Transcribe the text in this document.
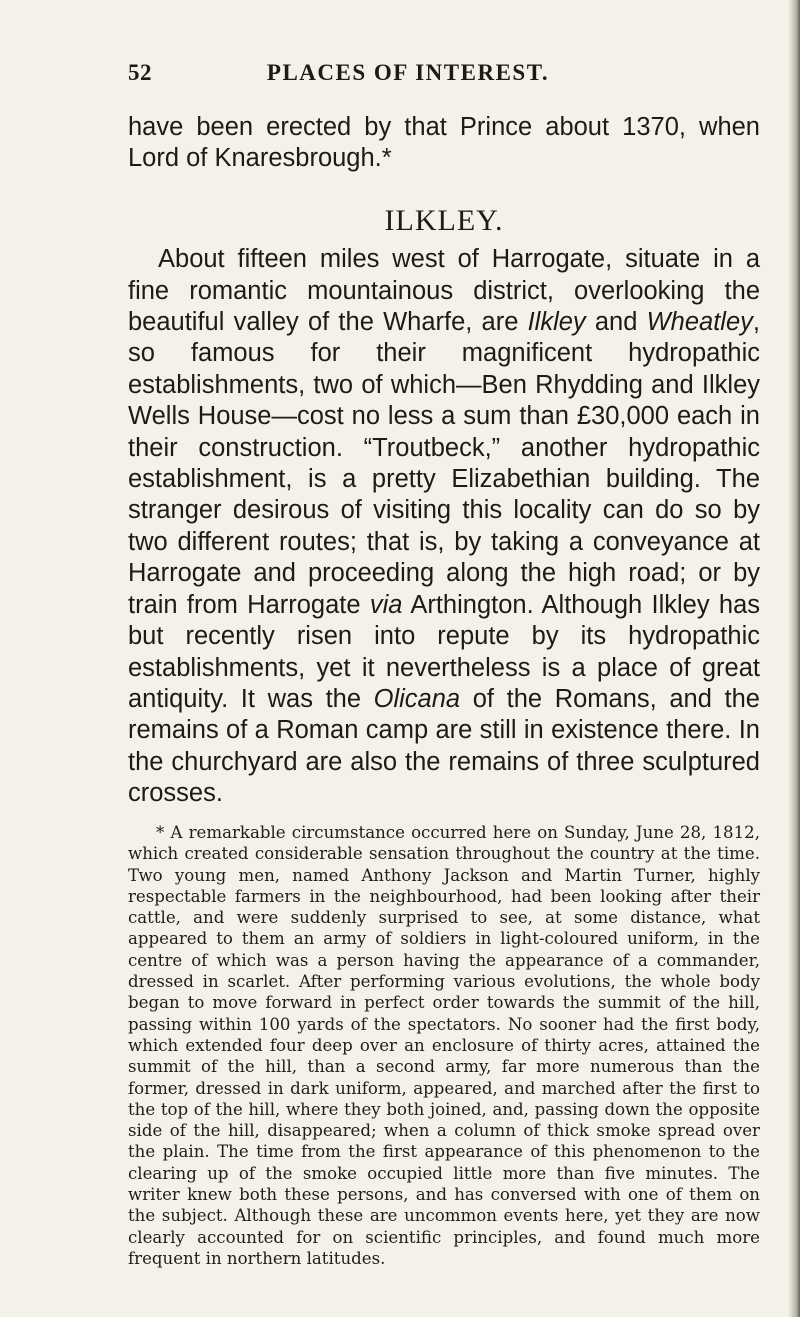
52	PLACES OF INTEREST.

have been erected by that Prince about 1370, when Lord of Knaresbrough.*

ILKLEY.

About fifteen miles west of Harrogate, situate in a fine romantic mountainous district, overlooking the beautiful valley of the Wharfe, are Ilkley and Wheatley, so famous for their magnificent hydropathic establishments, two of which—Ben Rhydding and Ilkley Wells House—cost no less a sum than £30,000 each in their construction. “Troutbeck,” another hydropathic establishment, is a pretty Elizabethian building. The stranger desirous of visiting this locality can do so by two different routes; that is, by taking a conveyance at Harrogate and proceeding along the high road; or by train from Harrogate via Arthington. Although Ilkley has but recently risen into repute by its hydropathic establishments, yet it nevertheless is a place of great antiquity. It was the Olicana of the Romans, and the remains of a Roman camp are still in existence there. In the churchyard are also the remains of three sculptured crosses.

* A remarkable circumstance occurred here on Sunday, June 28, 1812, which created considerable sensation throughout the country at the time. Two young men, named Anthony Jackson and Martin Turner, highly respectable farmers in the neighbourhood, had been looking after their cattle, and were suddenly surprised to see, at some distance, what appeared to them an army of soldiers in light-coloured uniform, in the centre of which was a person having the appearance of a commander, dressed in scarlet. After performing various evolutions, the whole body began to move forward in perfect order towards the summit of the hill, passing within 100 yards of the spectators. No sooner had the first body, which extended four deep over an enclosure of thirty acres, attained the summit of the hill, than a second army, far more numerous than the former, dressed in dark uniform, appeared, and marched after the first to the top of the hill, where they both joined, and, passing down the opposite side of the hill, disappeared; when a column of thick smoke spread over the plain. The time from the first appearance of this phenomenon to the clearing up of the smoke occupied little more than five minutes. The writer knew both these persons, and has conversed with one of them on the subject. Although these are uncommon events here, yet they are now clearly accounted for on scientific principles, and found much more frequent in northern latitudes.
